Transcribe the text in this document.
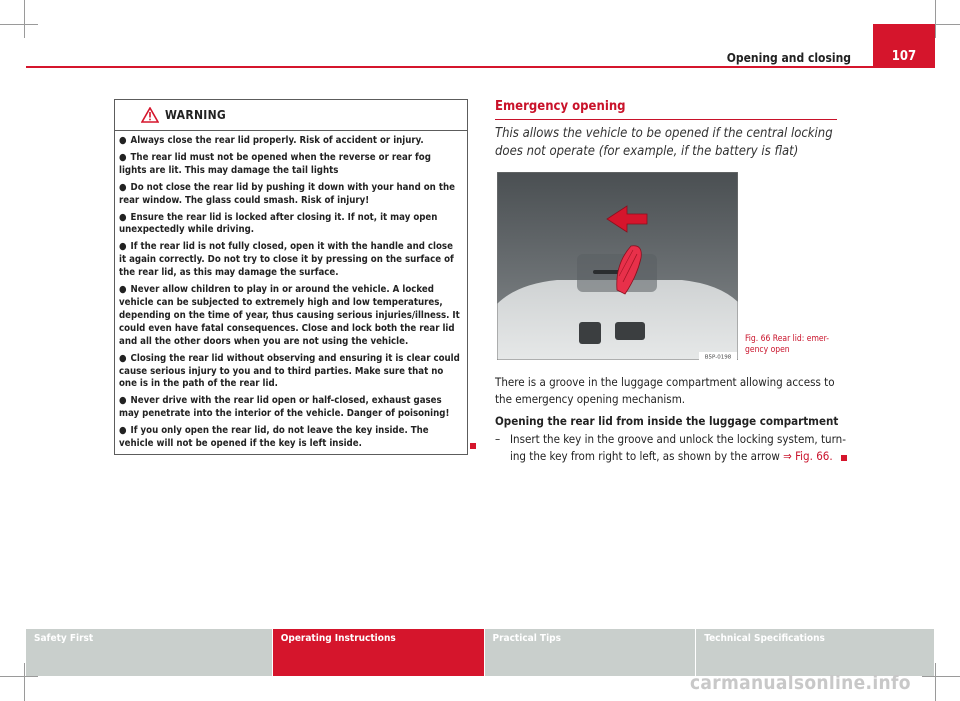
Opening and closing	107
WARNING
● Always close the rear lid properly. Risk of accident or injury.
● The rear lid must not be opened when the reverse or rear fog lights are lit. This may damage the tail lights
● Do not close the rear lid by pushing it down with your hand on the rear window. The glass could smash. Risk of injury!
● Ensure the rear lid is locked after closing it. If not, it may open unexpectedly while driving.
● If the rear lid is not fully closed, open it with the handle and close it again correctly. Do not try to close it by pressing on the surface of the rear lid, as this may damage the surface.
● Never allow children to play in or around the vehicle. A locked vehicle can be subjected to extremely high and low temperatures, depending on the time of year, thus causing serious injuries/illness. It could even have fatal consequences. Close and lock both the rear lid and all the other doors when you are not using the vehicle.
● Closing the rear lid without observing and ensuring it is clear could cause serious injury to you and to third parties. Make sure that no one is in the path of the rear lid.
● Never drive with the rear lid open or half-closed, exhaust gases may penetrate into the interior of the vehicle. Danger of poisoning!
● If you only open the rear lid, do not leave the key inside. The vehicle will not be opened if the key is left inside.
Emergency opening
This allows the vehicle to be opened if the central locking does not operate (for example, if the battery is flat)
B5P-0198
Fig. 66 Rear lid: emer-gency open
There is a groove in the luggage compartment allowing access to the emergency opening mechanism.
Opening the rear lid from inside the luggage compartment
– Insert the key in the groove and unlock the locking system, turn-ing the key from right to left, as shown by the arrow ⇒ Fig. 66.
Safety First	Operating Instructions	Practical Tips	Technical Specifications
carmanualsonline.info
